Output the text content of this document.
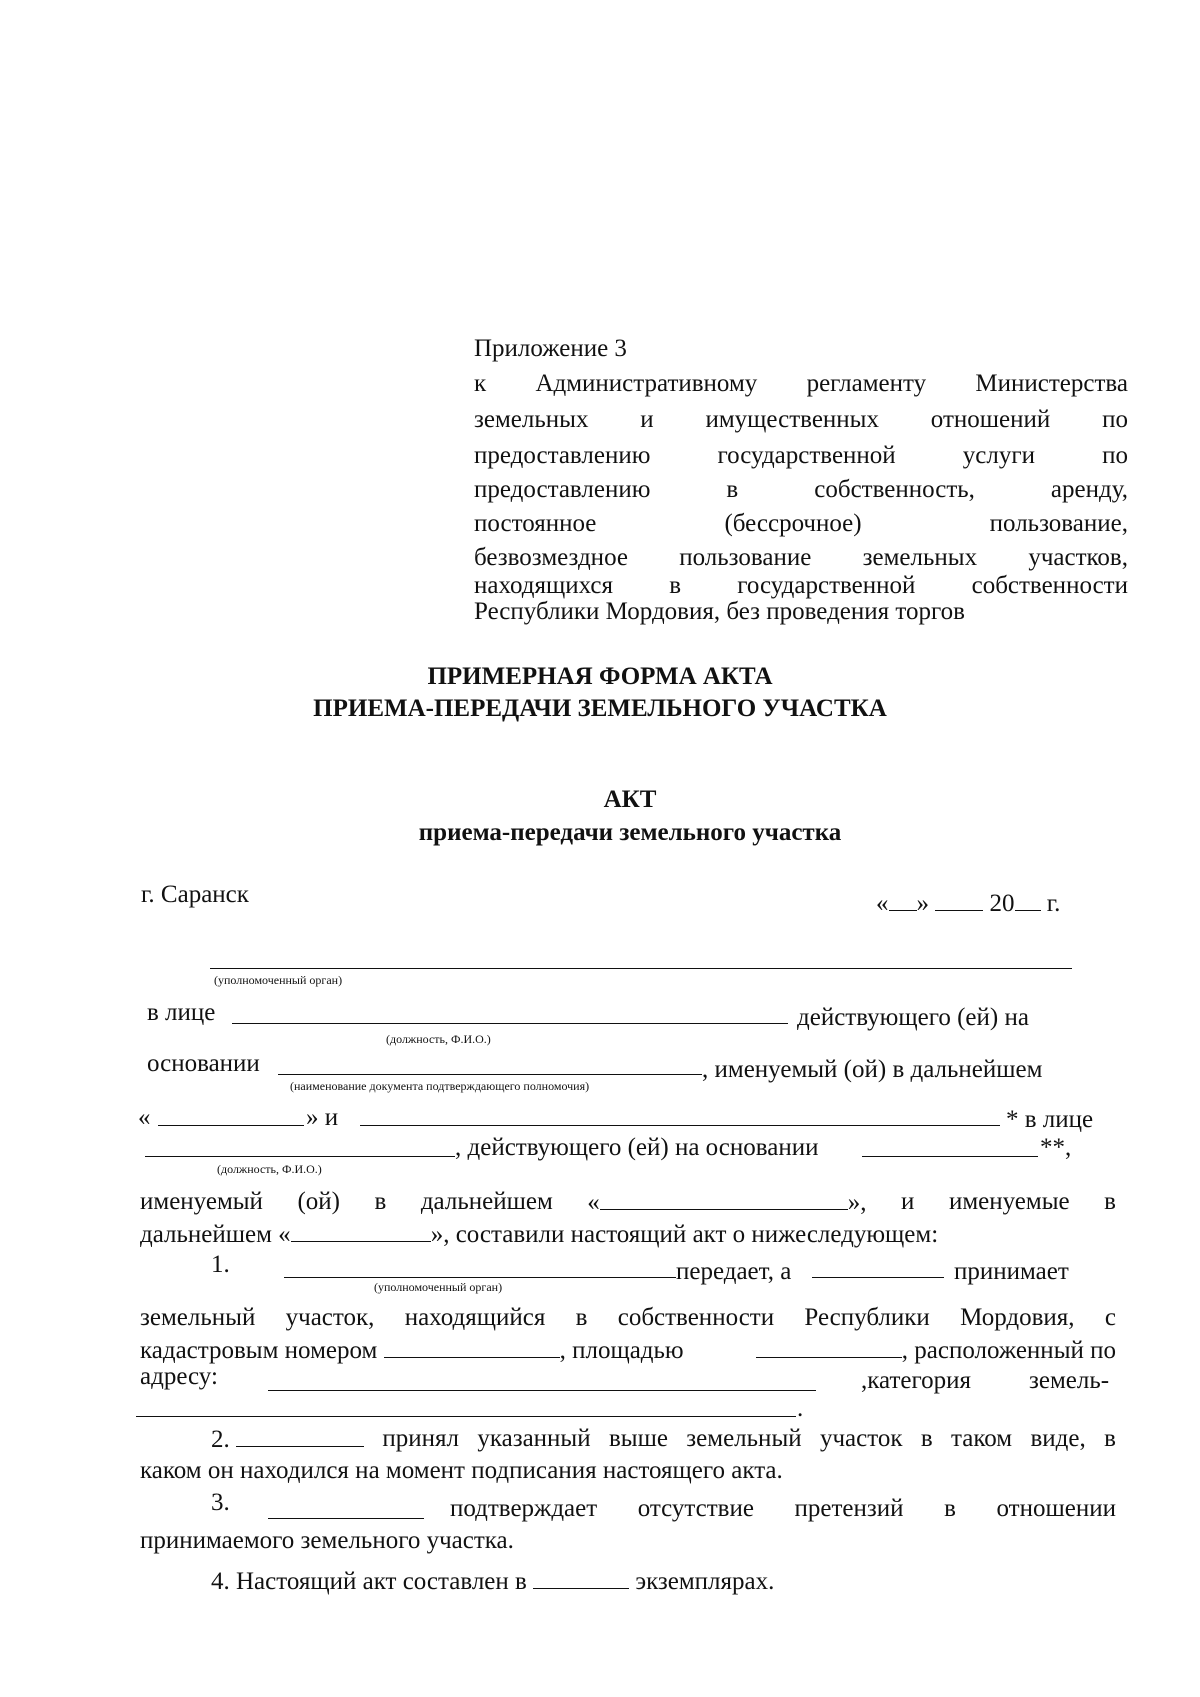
Приложение 3
к Административному регламенту Министерства
земельных и имущественных отношений по
предоставлению	государственной	услуги	по
предоставлению	в	собственность,	аренду,
постоянное	(бессрочное)	пользование,
безвозмездное пользование земельных участков,
находящихся в государственной собственности
Республики Мордовия, без проведения торгов
ПРИМЕРНАЯ ФОРМА АКТА
ПРИЕМА-ПЕРЕДАЧИ ЗЕМЕЛЬНОГО УЧАСТКА
АКТ
приема-передачи земельного участка
г. Саранск	« » 20 г.
(уполномоченный орган)
в лице	действующего (ей) на
(должность, Ф.И.О.)
основании	, именуемый (ой) в дальнейшем
(наименование документа подтверждающего полномочия)
«	» и	* в лице
, действующего (ей) на основании	**,
(должность, Ф.И.О.)
именуемый (ой) в дальнейшем «	», и именуемые в
дальнейшем «	», составили настоящий акт о нижеследующем:
1.	передает, а	принимает
(уполномоченный орган)
земельный участок, находящийся в собственности Республики Мордовия, с
кадастровым номером	, площадью	, расположенный по
адресу:	,категория земель-
.
2.	принял указанный выше земельный участок в таком виде, в
каком он находился на момент подписания настоящего акта.
3.	подтверждает отсутствие претензий в отношении
принимаемого земельного участка.
4. Настоящий акт составлен в	экземплярах.
